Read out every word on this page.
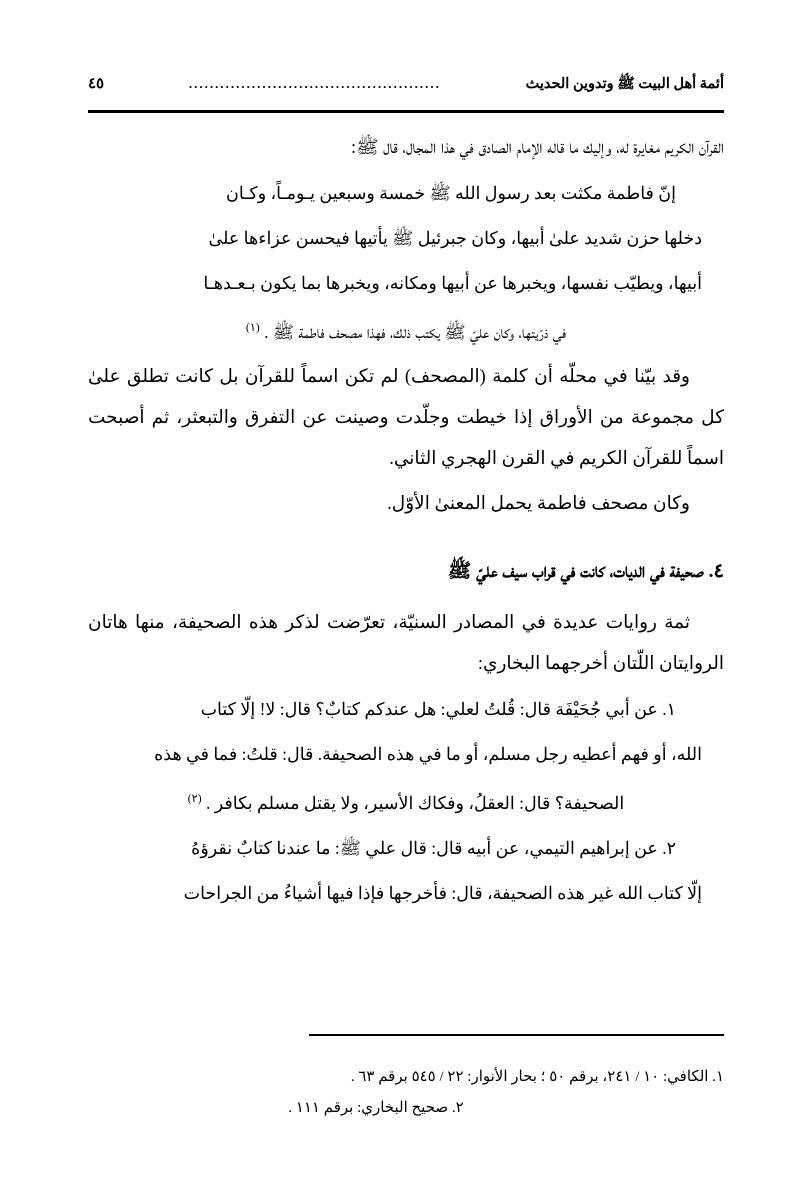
أئمة أهل البيت ﷺ وتدوين الحديث
................................................
٤٥

القرآن الكريم مغايرة له، وإليك ما قاله الإمام الصادق في هذا المجال، قال ﷺ:

إنّ فاطمة مكثت بعد رسول الله ﷺ خمسة وسبعين يـومـاً، وكـان

دخلها حزن شديد علىٰ أبيها، وكان جبرئيل ﷺ يأتيها فيحسن عزاءها علىٰ

أبيها، ويطيّب نفسها، ويخبرها عن أبيها ومكانه، ويخبرها بما يكون بـعـدهـا

في ذرّيتها، وكان عليّ ﷺ يكتب ذلك، فهذا مصحف فاطمة ﷺ . $^{(١)}$

وقد بيّنا في محلّه أن كلمة (المصحف) لم تكن اسماً للقرآن بل كانت تطلق علىٰ كل مجموعة من الأوراق إذا خيطت وجلّدت وصينت عن التفرق والتبعثر، ثم أصبحت اسماً للقرآن الكريم في القرن الهجري الثاني.

وكان مصحف فاطمة يحمل المعنىٰ الأوّل.

٤. صحيفة في الديات، كانت في قراب سيف عليّ ﷺ

ثمة روايات عديدة في المصادر السنيّة، تعرّضت لذكر هذه الصحيفة، منها هاتان الروايتان اللّتان أخرجهما البخاري:

١. عن أبي جُحَيْفَة قال: قُلتُ لعلي: هل عندكم كتابٌ؟ قال: لا! إلّا كتاب

الله، أو فهم أعطيه رجل مسلم، أو ما في هذه الصحيفة. قال: قلتُ: فما في هذه

الصحيفة؟ قال: العقلُ، وفكاك الأسير، ولا يقتل مسلم بكافر . $^{(٢)}$

٢. عن إبراهيم التيمي، عن أبيه قال: قال علي ﷺ: ما عندنا كتابٌ نقرؤهُ

إلّا كتاب الله غير هذه الصحيفة، قال: فأخرجها فإذا فيها أشياءُ من الجراحات

١. الكافي: ١٠ / ٢٤١، برقم ٥٠ ؛ بحار الأنوار: ٢٢ / ٥٤٥ برقم ٦٣ .

٢. صحيح البخاري: برقم ١١١ .
